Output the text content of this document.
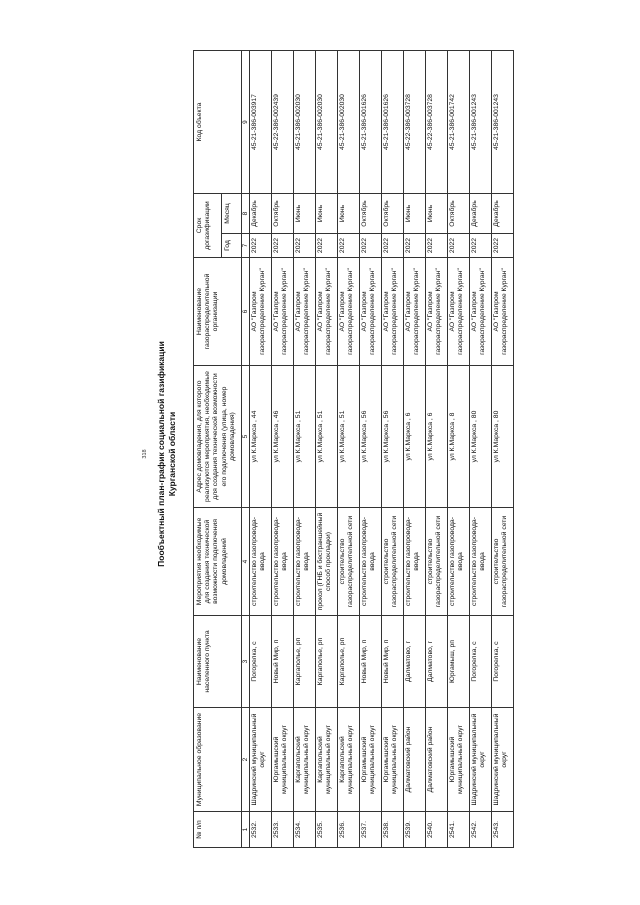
318 Пообъектный план-график социальной газификации Курганской области
№ п/п	Муниципальное образование	Наименование населенного пункта	Мероприятия необходимые для создания технической возможности подключения домовладений	Адрес домовладения, для которого реализуются мероприятия, необходимые для создания технической возможности его подключения (улица, номер домовладения)	Наименование газораспределительной организации	Срок догазификации		Код объекта
						Год	Месяц	
1	2	3	4	5	6	7	8	9
2532.	Шадринский муниципальный округ	Погорелка, с	строительство газопровода-ввода	ул К.Маркса , 44	АО "Газпром газораспределение Курган"	2022	Декабрь	45-21-386-003917
2533.	Юргамышский муниципальный округ	Новый Мир, п	строительство газопровода-ввода	ул К.Маркса , 46	АО "Газпром газораспределение Курган"	2022	Октябрь	45-22-386-002439
2534.	Каргапольский муниципальный округ	Каргаполье, рп	строительство газопровода-ввода	ул К.Маркса , 51	АО "Газпром газораспределение Курган"	2022	Июнь	45-21-386-002030
2535.	Каргапольский муниципальный округ	Каргаполье, рп	прокол (ГНБ и бестраншейный способ прокладки)	ул К.Маркса , 51	АО "Газпром газораспределение Курган"	2022	Июнь	45-21-386-002030
2536.	Каргапольский муниципальный округ	Каргаполье, рп	строительство газораспределительной сети	ул К.Маркса , 51	АО "Газпром газораспределение Курган"	2022	Июнь	45-21-386-002030
2537.	Юргамышский муниципальный округ	Новый Мир, п	строительство газопровода-ввода	ул К.Маркса , 56	АО "Газпром газораспределение Курган"	2022	Октябрь	45-21-386-001626
2538.	Юргамышский муниципальный округ	Новый Мир, п	строительство газораспределительной сети	ул К.Маркса , 56	АО "Газпром газораспределение Курган"	2022	Октябрь	45-21-386-001626
2539.	Далматовский район	Далматово, г	строительство газопровода-ввода	ул К.Маркса , 6	АО "Газпром газораспределение Курган"	2022	Июнь	45-22-386-003728
2540.	Далматовский район	Далматово, г	строительство газораспределительной сети	ул К.Маркса , 6	АО "Газпром газораспределение Курган"	2022	Июнь	45-22-386-003728
2541.	Юргамышский муниципальный округ	Юргамыш, рп	строительство газопровода-ввода	ул К.Маркса , 8	АО "Газпром газораспределение Курган"	2022	Октябрь	45-21-386-001742
2542.	Шадринский муниципальный округ	Погорелка, с	строительство газопровода-ввода	ул К.Маркса , 80	АО "Газпром газораспределение Курган"	2022	Декабрь	45-21-386-001243
2543.	Шадринский муниципальный округ	Погорелка, с	строительство газораспределительной сети	ул К.Маркса , 80	АО "Газпром газораспределение Курган"	2022	Декабрь	45-21-386-001243
